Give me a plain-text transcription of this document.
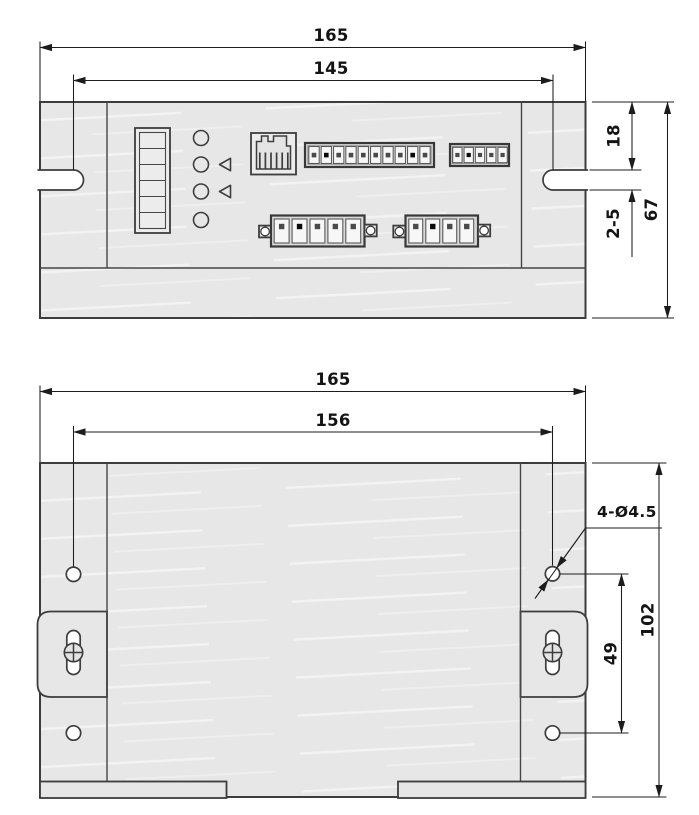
165
145
18
2-5 67
165
156
4-Ø4.5
49
102
